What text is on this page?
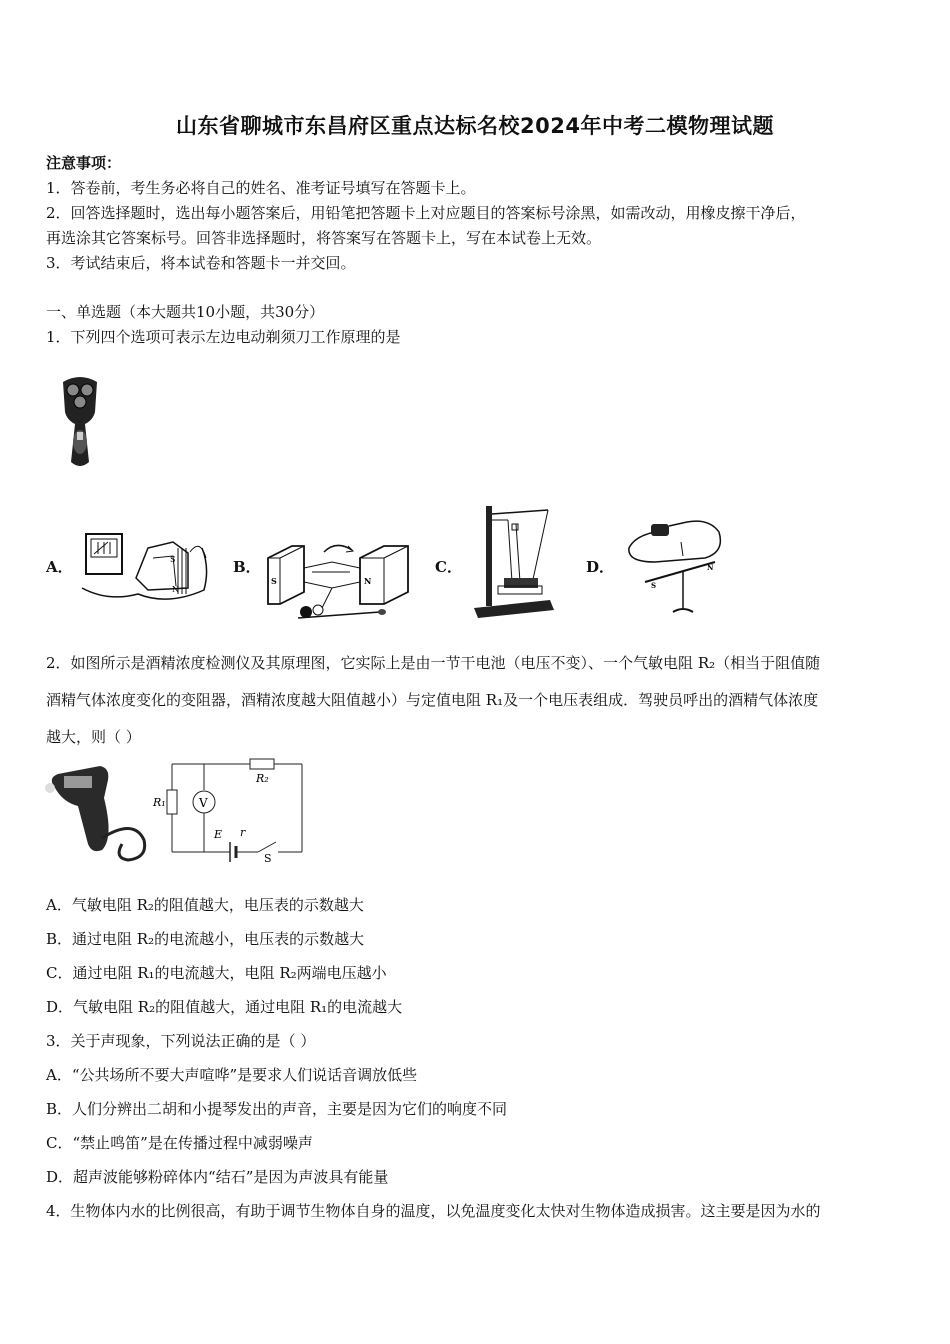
山东省聊城市东昌府区重点达标名校2024年中考二模物理试题
注意事项：
1．答卷前，考生务必将自己的姓名、准考证号填写在答题卡上。
2．回答选择题时，选出每小题答案后，用铅笔把答题卡上对应题目的答案标号涂黑，如需改动，用橡皮擦干净后，
再选涂其它答案标号。回答非选择题时，将答案写在答题卡上，写在本试卷上无效。
3．考试结束后，将本试卷和答题卡一并交回。
一、单选题（本大题共10小题，共30分）
1．下列四个选项可表示左边电动剃须刀工作原理的是
A．	S
N
B．
S	N
C．	D．
S
N
2．如图所示是酒精浓度检测仪及其原理图，它实际上是由一节干电池（电压不变）、一个气敏电阻 R₂（相当于阻值随
酒精气体浓度变化的变阻器，酒精浓度越大阻值越小）与定值电阻 R₁及一个电压表组成．驾驶员呼出的酒精气体浓度
越大，则（ ）
V
R₁
R₂
E r
S
A．气敏电阻 R₂的阻值越大，电压表的示数越大
B．通过电阻 R₂的电流越小，电压表的示数越大
C．通过电阻 R₁的电流越大，电阻 R₂两端电压越小
D．气敏电阻 R₂的阻值越大，通过电阻 R₁的电流越大
3．关于声现象，下列说法正确的是（ ）
A．“公共场所不要大声喧哗”是要求人们说话音调放低些
B．人们分辨出二胡和小提琴发出的声音，主要是因为它们的响度不同
C．“禁止鸣笛”是在传播过程中减弱噪声
D．超声波能够粉碎体内“结石”是因为声波具有能量
4．生物体内水的比例很高，有助于调节生物体自身的温度，以免温度变化太快对生物体造成损害。这主要是因为水的
